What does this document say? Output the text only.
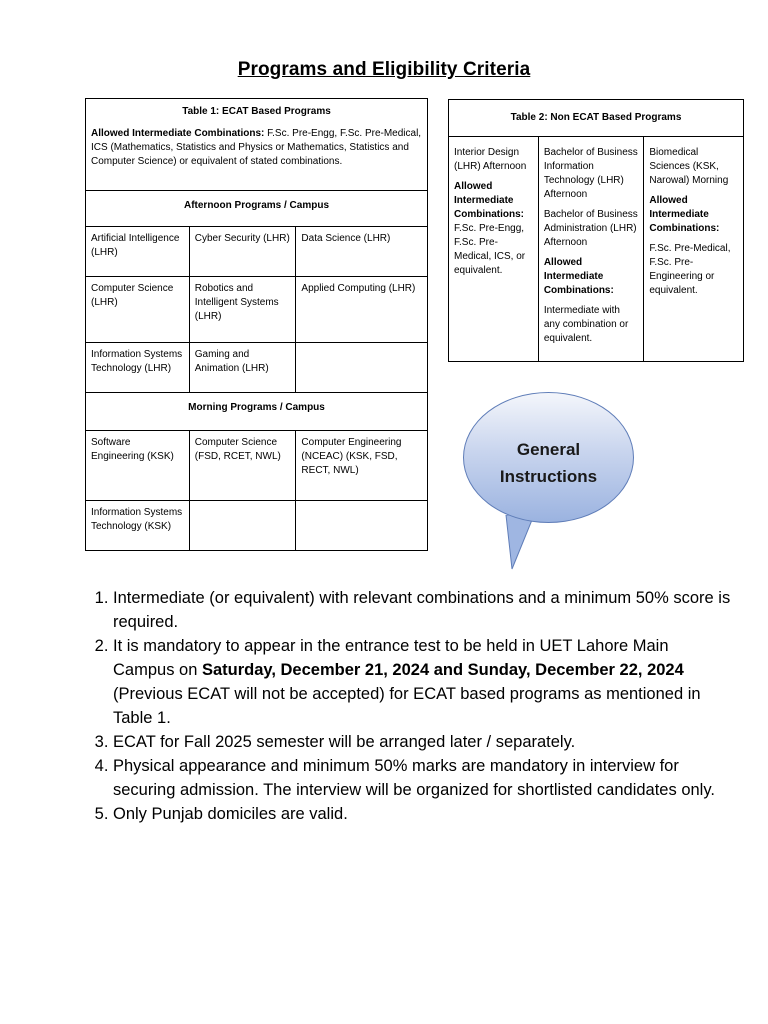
Programs and Eligibility Criteria
Table 1: ECAT Based Programs
Allowed Intermediate Combinations: F.Sc. Pre-Engg, F.Sc. Pre-Medical, ICS (Mathematics, Statistics and Physics or Mathematics, Statistics and Computer Science) or equivalent of stated combinations.		

Afternoon Programs / Campus		
Artificial Intelligence (LHR)	Cyber Security (LHR)	Data Science (LHR)
Computer Science (LHR)	Robotics and Intelligent Systems (LHR)	Applied Computing (LHR)
Information Systems Technology (LHR)	Gaming and Animation (LHR)	
Morning Programs / Campus		
Software Engineering (KSK)	Computer Science (FSD, RCET, NWL)	Computer Engineering (NCEAC) (KSK, FSD, RECT, NWL)
Information Systems Technology (KSK)		
Table 2: Non ECAT Based Programs

Interior Design (LHR) Afternoon
Allowed Intermediate Combinations:
F.Sc. Pre-Engg, F.Sc. Pre-Medical, ICS, or equivalent.

Bachelor of Business Information Technology (LHR) Afternoon
Bachelor of Business Administration (LHR) Afternoon
Allowed Intermediate Combinations:
Intermediate with any combination or equivalent.

Biomedical Sciences (KSK, Narowal) Morning
Allowed Intermediate Combinations:
F.Sc. Pre-Medical, F.Sc. Pre-Engineering or equivalent.
General
Instructions
1. Intermediate (or equivalent) with relevant combinations and a minimum 50% score is required.
2. It is mandatory to appear in the entrance test to be held in UET Lahore Main Campus on Saturday, December 21, 2024 and Sunday, December 22, 2024 (Previous ECAT will not be accepted) for ECAT based programs as mentioned in Table 1.
3. ECAT for Fall 2025 semester will be arranged later / separately.
4. Physical appearance and minimum 50% marks are mandatory in interview for securing admission. The interview will be organized for shortlisted candidates only.
5. Only Punjab domiciles are valid.
